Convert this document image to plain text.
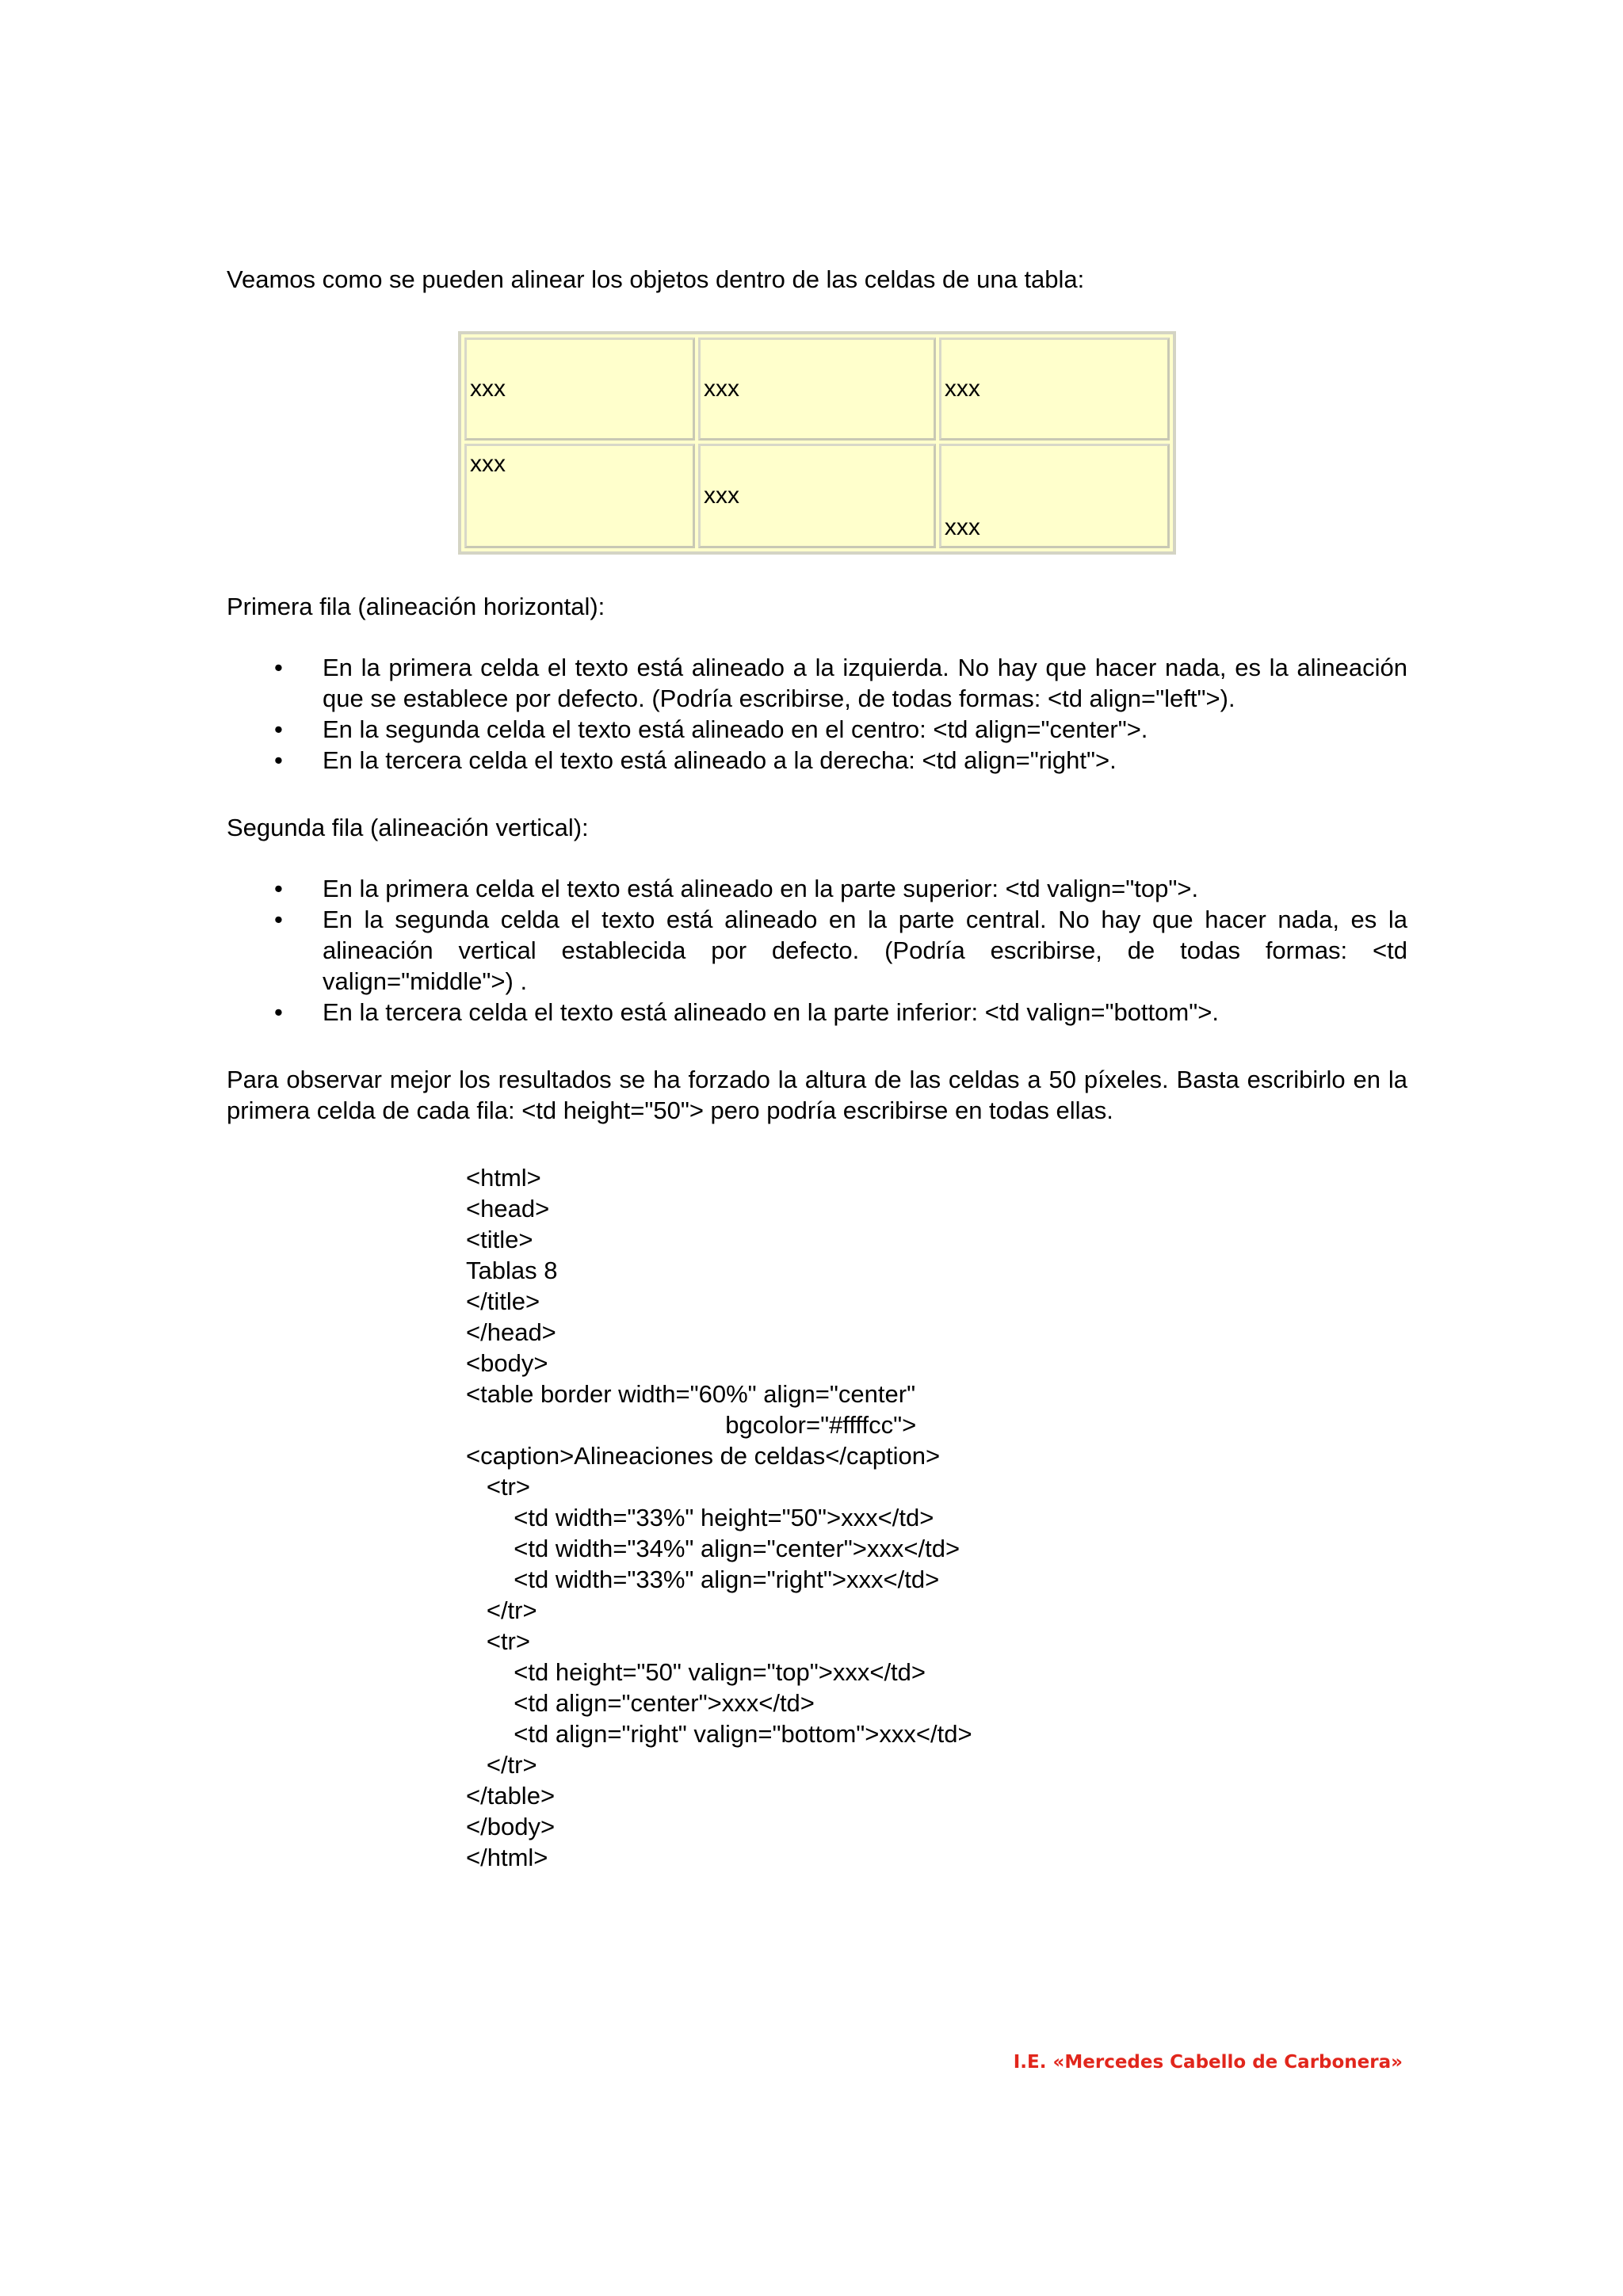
Veamos como se pueden alinear los objetos dentro de las celdas de una tabla:

xxx	xxx	xxx
xxx	xxx	xxx

Primera fila (alineación horizontal):

• En la primera celda el texto está alineado a la izquierda. No hay que hacer nada, es la alineación que se establece por defecto. (Podría escribirse, de todas formas: <td align="left">).
• En la segunda celda el texto está alineado en el centro: <td align="center">.
• En la tercera celda el texto está alineado a la derecha: <td align="right">.

Segunda fila (alineación vertical):

• En la primera celda el texto está alineado en la parte superior: <td valign="top">.
• En la segunda celda el texto está alineado en la parte central. No hay que hacer nada, es la alineación vertical establecida por defecto. (Podría escribirse, de todas formas: <td valign="middle">) .
• En la tercera celda el texto está alineado en la parte inferior: <td valign="bottom">.

Para observar mejor los resultados se ha forzado la altura de las celdas a 50 píxeles. Basta escribirlo en la primera celda de cada fila: <td height="50"> pero podría escribirse en todas ellas.

<html>
<head>
<title>
Tablas 8
</title>
</head>
<body>
<table border width="60%" align="center"
bgcolor="#ffffcc">
<caption>Alineaciones de celdas</caption>
<tr>
<td width="33%" height="50">xxx</td>
<td width="34%" align="center">xxx</td>
<td width="33%" align="right">xxx</td>
</tr>
<tr>
<td height="50" valign="top">xxx</td>
<td align="center">xxx</td>
<td align="right" valign="bottom">xxx</td>
</tr>
</table>
</body>
</html>
I.E. «Mercedes Cabello de Carbonera»
